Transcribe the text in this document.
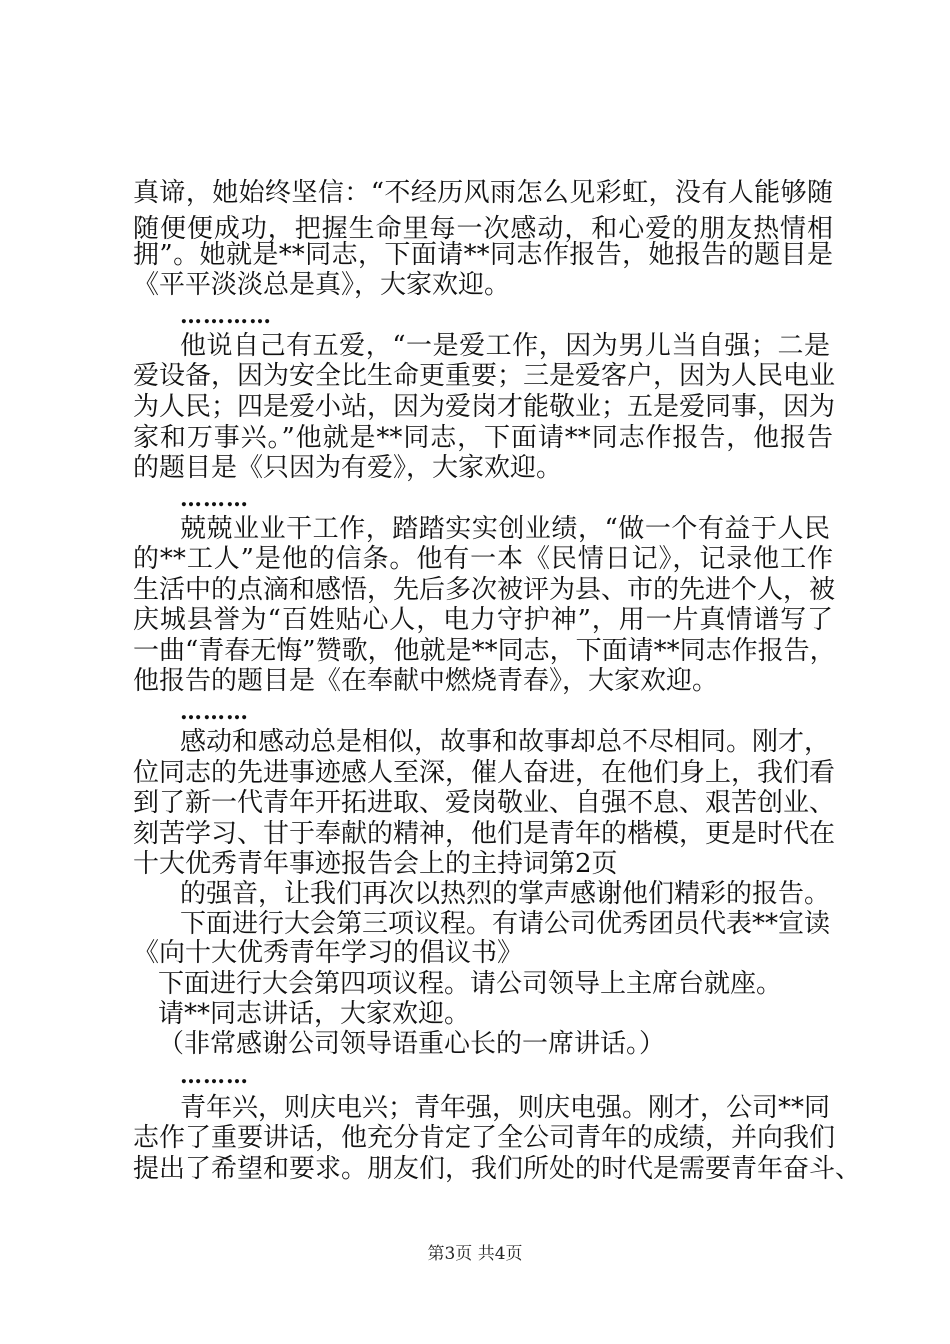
真谛，她始终坚信：“不经历风雨怎么见彩虹，没有人能够随
随便便成功，把握生命里每一次感动，和心爱的朋友热情相
拥”。她就是**同志，下面请**同志作报告，她报告的题目是
《平平淡淡总是真》，大家欢迎。
…………
他说自己有五爱，“一是爱工作，因为男儿当自强；二是
爱设备，因为安全比生命更重要；三是爱客户，因为人民电业
为人民；四是爱小站，因为爱岗才能敬业；五是爱同事，因为
家和万事兴。”他就是**同志，下面请**同志作报告，他报告
的题目是《只因为有爱》，大家欢迎。
………
兢兢业业干工作，踏踏实实创业绩，“做一个有益于人民
的**工人”是他的信条。他有一本《民情日记》，记录他工作
生活中的点滴和感悟，先后多次被评为县、市的先进个人，被
庆城县誉为“百姓贴心人，电力守护神”，用一片真情谱写了
一曲“青春无悔”赞歌，他就是**同志，下面请**同志作报告，
他报告的题目是《在奉献中燃烧青春》，大家欢迎。
………
感动和感动总是相似，故事和故事却总不尽相同。刚才，
位同志的先进事迹感人至深，催人奋进，在他们身上，我们看
到了新一代青年开拓进取、爱岗敬业、自强不息、艰苦创业、
刻苦学习、甘于奉献的精神，他们是青年的楷模，更是时代在
十大优秀青年事迹报告会上的主持词第2页
的强音，让我们再次以热烈的掌声感谢他们精彩的报告。
下面进行大会第三项议程。有请公司优秀团员代表**宣读
《向十大优秀青年学习的倡议书》
下面进行大会第四项议程。请公司领导上主席台就座。
请**同志讲话，大家欢迎。
（非常感谢公司领导语重心长的一席讲话。）
………
青年兴，则庆电兴；青年强，则庆电强。刚才，公司**同
志作了重要讲话，他充分肯定了全公司青年的成绩，并向我们
提出了希望和要求。朋友们，我们所处的时代是需要青年奋斗、
第3页 共4页
